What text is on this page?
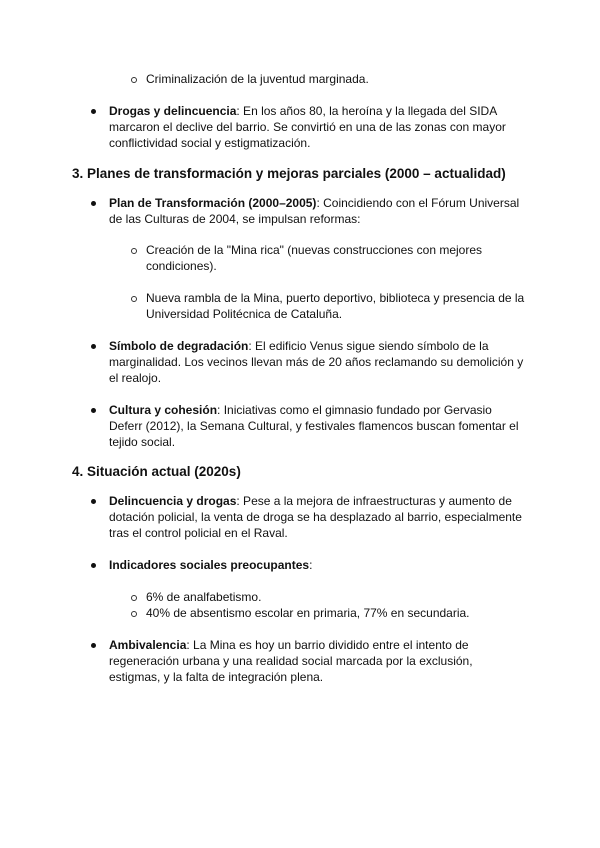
Criminalización de la juventud marginada.
Drogas y delincuencia: En los años 80, la heroína y la llegada del SIDA
marcaron el declive del barrio. Se convirtió en una de las zonas con mayor
conflictividad social y estigmatización.
3. Planes de transformación y mejoras parciales (2000 – actualidad)
Plan de Transformación (2000–2005): Coincidiendo con el Fórum Universal
de las Culturas de 2004, se impulsan reformas:
Creación de la "Mina rica" (nuevas construcciones con mejores
condiciones).
Nueva rambla de la Mina, puerto deportivo, biblioteca y presencia de la
Universidad Politécnica de Cataluña.
Símbolo de degradación: El edificio Venus sigue siendo símbolo de la
marginalidad. Los vecinos llevan más de 20 años reclamando su demolición y
el realojo.
Cultura y cohesión: Iniciativas como el gimnasio fundado por Gervasio
Deferr (2012), la Semana Cultural, y festivales flamencos buscan fomentar el
tejido social.
4. Situación actual (2020s)
Delincuencia y drogas: Pese a la mejora de infraestructuras y aumento de
dotación policial, la venta de droga se ha desplazado al barrio, especialmente
tras el control policial en el Raval.
Indicadores sociales preocupantes:
6% de analfabetismo.
40% de absentismo escolar en primaria, 77% en secundaria.
Ambivalencia: La Mina es hoy un barrio dividido entre el intento de
regeneración urbana y una realidad social marcada por la exclusión,
estigmas, y la falta de integración plena.
